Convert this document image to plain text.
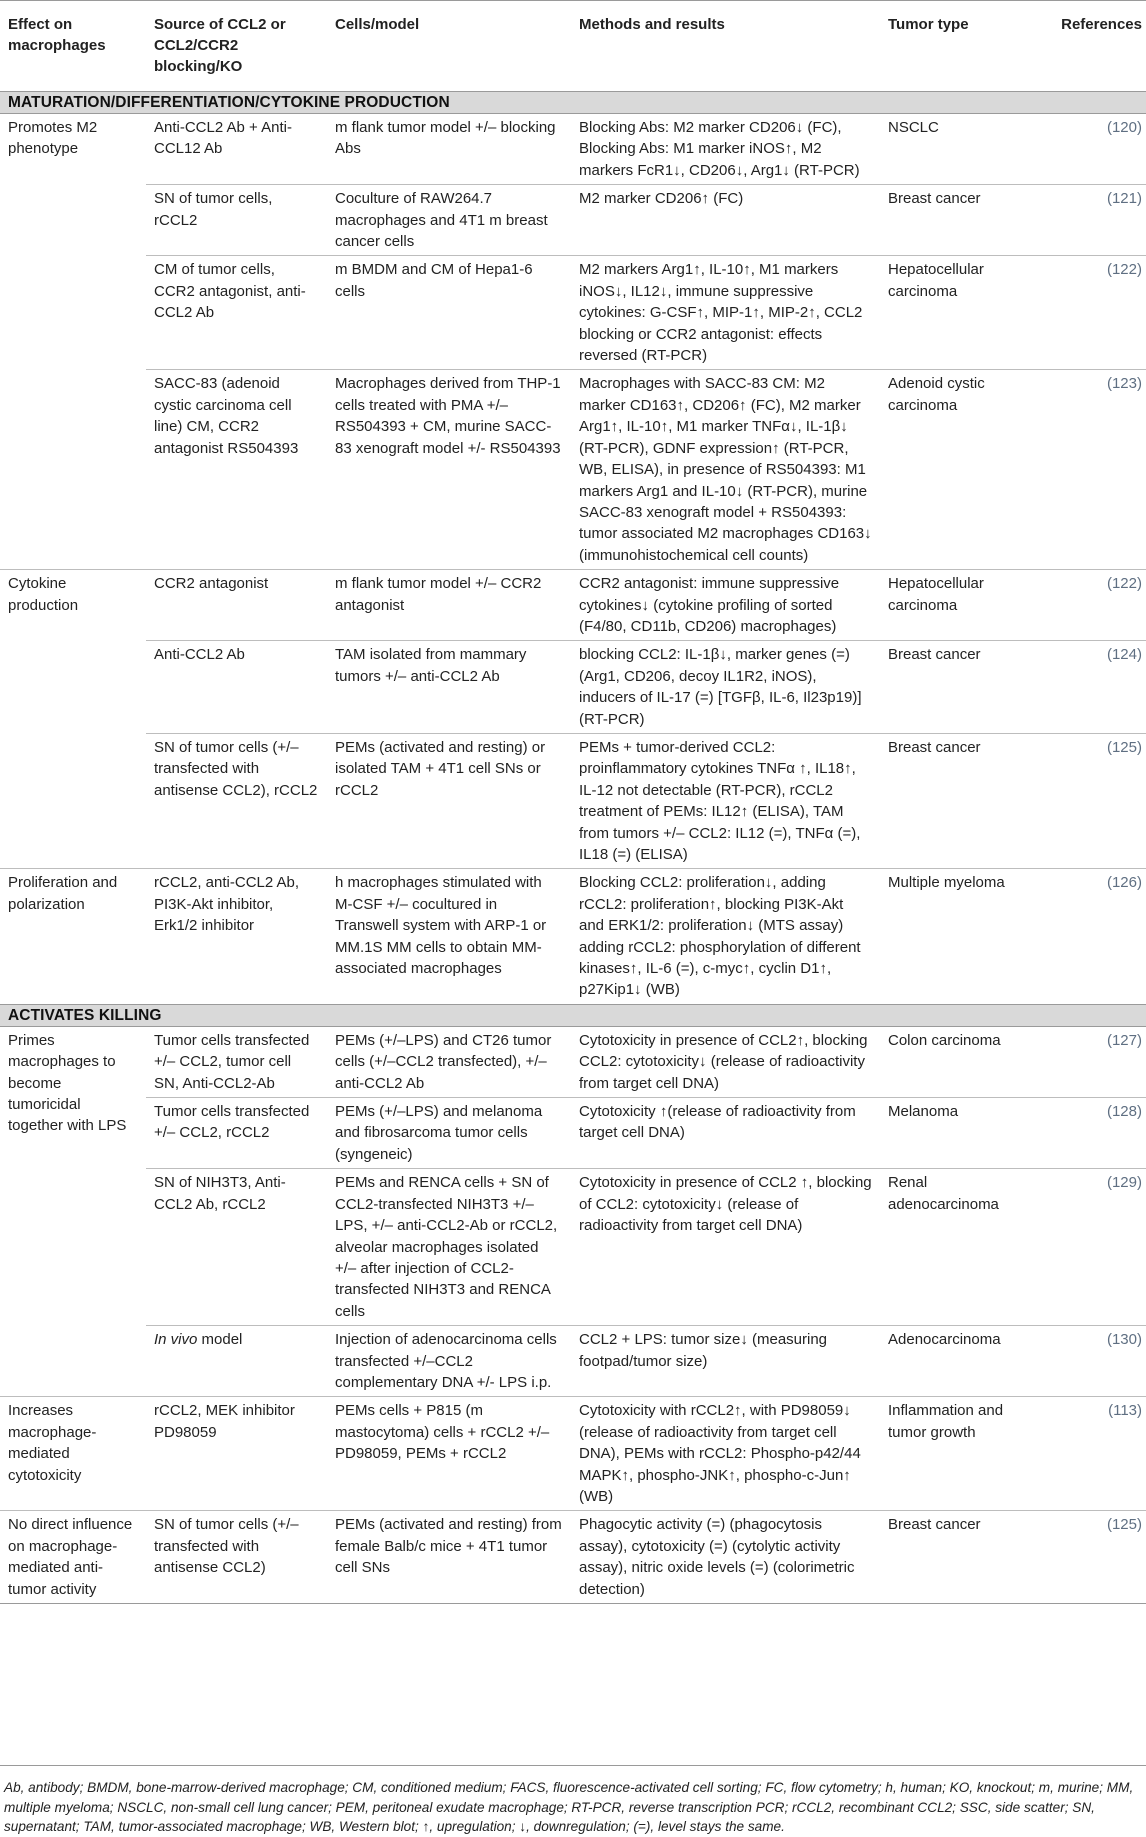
Effect on macrophages	Source of CCL2 or CCL2/CCR2 blocking/KO	Cells/model	Methods and results	Tumor type	References
MATURATION/DIFFERENTIATION/CYTOKINE PRODUCTION					
Promotes M2 phenotype	Anti-CCL2 Ab + Anti-CCL12 Ab	m flank tumor model +/– blocking Abs	Blocking Abs: M2 marker CD206↓ (FC), Blocking Abs: M1 marker iNOS↑, M2 markers FcR1↓, CD206↓, Arg1↓ (RT-PCR)	NSCLC	(120)
	SN of tumor cells, rCCL2	Coculture of RAW264.7 macrophages and 4T1 m breast cancer cells	M2 marker CD206↑ (FC)	Breast cancer	(121)
	CM of tumor cells, CCR2 antagonist, anti-CCL2 Ab	m BMDM and CM of Hepa1-6 cells	M2 markers Arg1↑, IL-10↑, M1 markers iNOS↓, IL12↓, immune suppressive cytokines: G-CSF↑, MIP-1↑, MIP-2↑, CCL2 blocking or CCR2 antagonist: effects reversed (RT-PCR)	Hepatocellular carcinoma	(122)
	SACC-83 (adenoid cystic carcinoma cell line) CM, CCR2 antagonist RS504393	Macrophages derived from THP-1 cells treated with PMA +/– RS504393 + CM, murine SACC-83 xenograft model +/- RS504393	Macrophages with SACC-83 CM: M2 marker CD163↑, CD206↑ (FC), M2 marker Arg1↑, IL-10↑, M1 marker TNFα↓, IL-1β↓ (RT-PCR), GDNF expression↑ (RT-PCR, WB, ELISA), in presence of RS504393: M1 markers Arg1 and IL-10↓ (RT-PCR), murine SACC-83 xenograft model + RS504393: tumor associated M2 macrophages CD163↓ (immunohistochemical cell counts)	Adenoid cystic carcinoma	(123)
Cytokine production	CCR2 antagonist	m flank tumor model +/– CCR2 antagonist	CCR2 antagonist: immune suppressive cytokines↓ (cytokine profiling of sorted (F4/80, CD11b, CD206) macrophages)	Hepatocellular carcinoma	(122)
	Anti-CCL2 Ab	TAM isolated from mammary tumors +/– anti-CCL2 Ab	blocking CCL2: IL-1β↓, marker genes (=) (Arg1, CD206, decoy IL1R2, iNOS), inducers of IL-17 (=) [TGFβ, IL-6, Il23p19)] (RT-PCR)	Breast cancer	(124)
	SN of tumor cells (+/– transfected with antisense CCL2), rCCL2	PEMs (activated and resting) or isolated TAM + 4T1 cell SNs or rCCL2	PEMs + tumor-derived CCL2: proinflammatory cytokines TNFα ↑, IL18↑, IL-12 not detectable (RT-PCR), rCCL2 treatment of PEMs: IL12↑ (ELISA), TAM from tumors +/– CCL2: IL12 (=), TNFα (=), IL18 (=) (ELISA)	Breast cancer	(125)
Proliferation and polarization	rCCL2, anti-CCL2 Ab, PI3K-Akt inhibitor, Erk1/2 inhibitor	h macrophages stimulated with M-CSF +/– cocultured in Transwell system with ARP-1 or MM.1S MM cells to obtain MM-associated macrophages	Blocking CCL2: proliferation↓, adding rCCL2: proliferation↑, blocking PI3K-Akt and ERK1/2: proliferation↓ (MTS assay) adding rCCL2: phosphorylation of different kinases↑, IL-6 (=), c-myc↑, cyclin D1↑, p27Kip1↓ (WB)	Multiple myeloma	(126)
ACTIVATES KILLING					
Primes macrophages to become tumoricidal together with LPS	Tumor cells transfected +/– CCL2, tumor cell SN, Anti-CCL2-Ab	PEMs (+/–LPS) and CT26 tumor cells (+/–CCL2 transfected), +/– anti-CCL2 Ab	Cytotoxicity in presence of CCL2↑, blocking CCL2: cytotoxicity↓ (release of radioactivity from target cell DNA)	Colon carcinoma	(127)
	Tumor cells transfected +/– CCL2, rCCL2	PEMs (+/–LPS) and melanoma and fibrosarcoma tumor cells (syngeneic)	Cytotoxicity ↑(release of radioactivity from target cell DNA)	Melanoma	(128)
	SN of NIH3T3, Anti-CCL2 Ab, rCCL2	PEMs and RENCA cells + SN of CCL2-transfected NIH3T3 +/– LPS, +/– anti-CCL2-Ab or rCCL2, alveolar macrophages isolated +/– after injection of CCL2-transfected NIH3T3 and RENCA cells	Cytotoxicity in presence of CCL2 ↑, blocking of CCL2: cytotoxicity↓ (release of radioactivity from target cell DNA)	Renal adenocarcinoma	(129)
	In vivo model	Injection of adenocarcinoma cells transfected +/–CCL2 complementary DNA +/- LPS i.p.	CCL2 + LPS: tumor size↓ (measuring footpad/tumor size)	Adenocarcinoma	(130)
Increases macrophage-mediated cytotoxicity	rCCL2, MEK inhibitor PD98059	PEMs cells + P815 (m mastocytoma) cells + rCCL2 +/– PD98059, PEMs + rCCL2	Cytotoxicity with rCCL2↑, with PD98059↓ (release of radioactivity from target cell DNA), PEMs with rCCL2: Phospho-p42/44 MAPK↑, phospho-JNK↑, phospho-c-Jun↑ (WB)	Inflammation and tumor growth	(113)
No direct influence on macrophage-mediated anti-tumor activity	SN of tumor cells (+/– transfected with antisense CCL2)	PEMs (activated and resting) from female Balb/c mice + 4T1 tumor cell SNs	Phagocytic activity (=) (phagocytosis assay), cytotoxicity (=) (cytolytic activity assay), nitric oxide levels (=) (colorimetric detection)	Breast cancer	(125)
Ab, antibody; BMDM, bone-marrow-derived macrophage; CM, conditioned medium; FACS, fluorescence-activated cell sorting; FC, flow cytometry; h, human; KO, knockout; m, murine; MM, multiple myeloma; NSCLC, non-small cell lung cancer; PEM, peritoneal exudate macrophage; RT-PCR, reverse transcription PCR; rCCL2, recombinant CCL2; SSC, side scatter; SN, supernatant; TAM, tumor-associated macrophage; WB, Western blot; ↑, upregulation; ↓, downregulation; (=), level stays the same.
